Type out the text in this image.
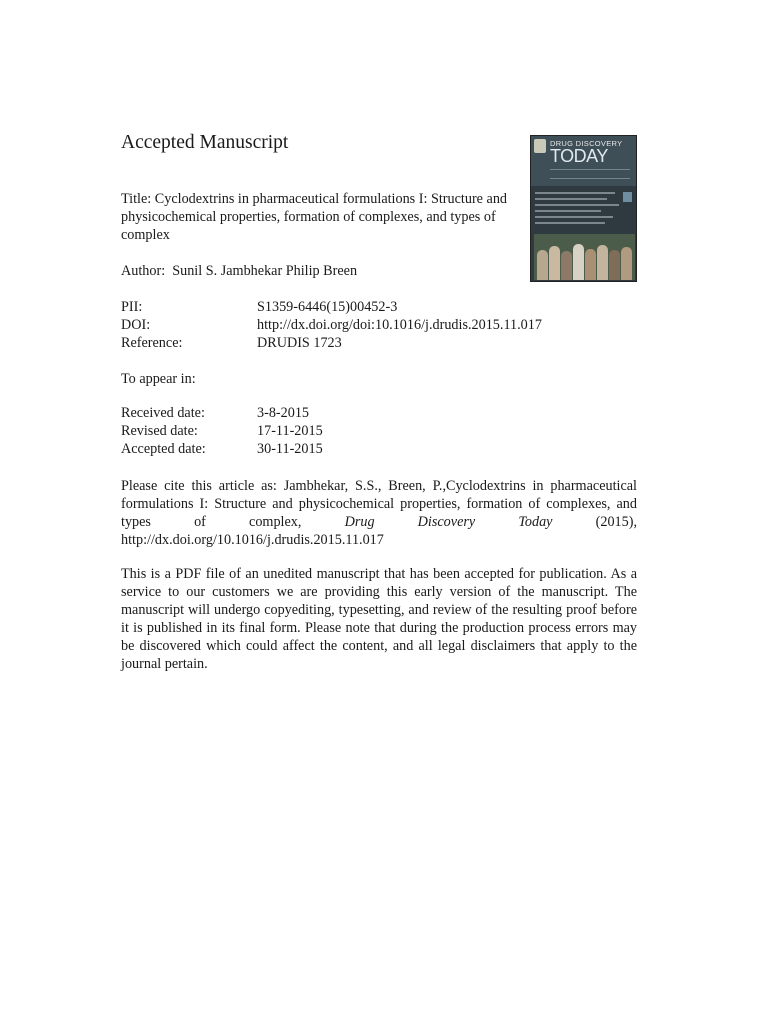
Accepted Manuscript
Title: Cyclodextrins in pharmaceutical formulations I: Structure and physicochemical properties, formation of complexes, and types of complex
Author: Sunil S. Jambhekar Philip Breen
PII:	S1359-6446(15)00452-3
DOI:	http://dx.doi.org/doi:10.1016/j.drudis.2015.11.017
Reference:	DRUDIS 1723
To appear in:
Received date:	3-8-2015
Revised date:	17-11-2015
Accepted date:	30-11-2015
Please cite this article as: Jambhekar, S.S., Breen, P.,Cyclodextrins in pharmaceutical formulations I: Structure and physicochemical properties, formation of complexes, and types of complex, Drug Discovery Today (2015), http://dx.doi.org/10.1016/j.drudis.2015.11.017
This is a PDF file of an unedited manuscript that has been accepted for publication. As a service to our customers we are providing this early version of the manuscript. The manuscript will undergo copyediting, typesetting, and review of the resulting proof before it is published in its final form. Please note that during the production process errors may be discovered which could affect the content, and all legal disclaimers that apply to the journal pertain.
DRUG DISCOVERY
TODAY
